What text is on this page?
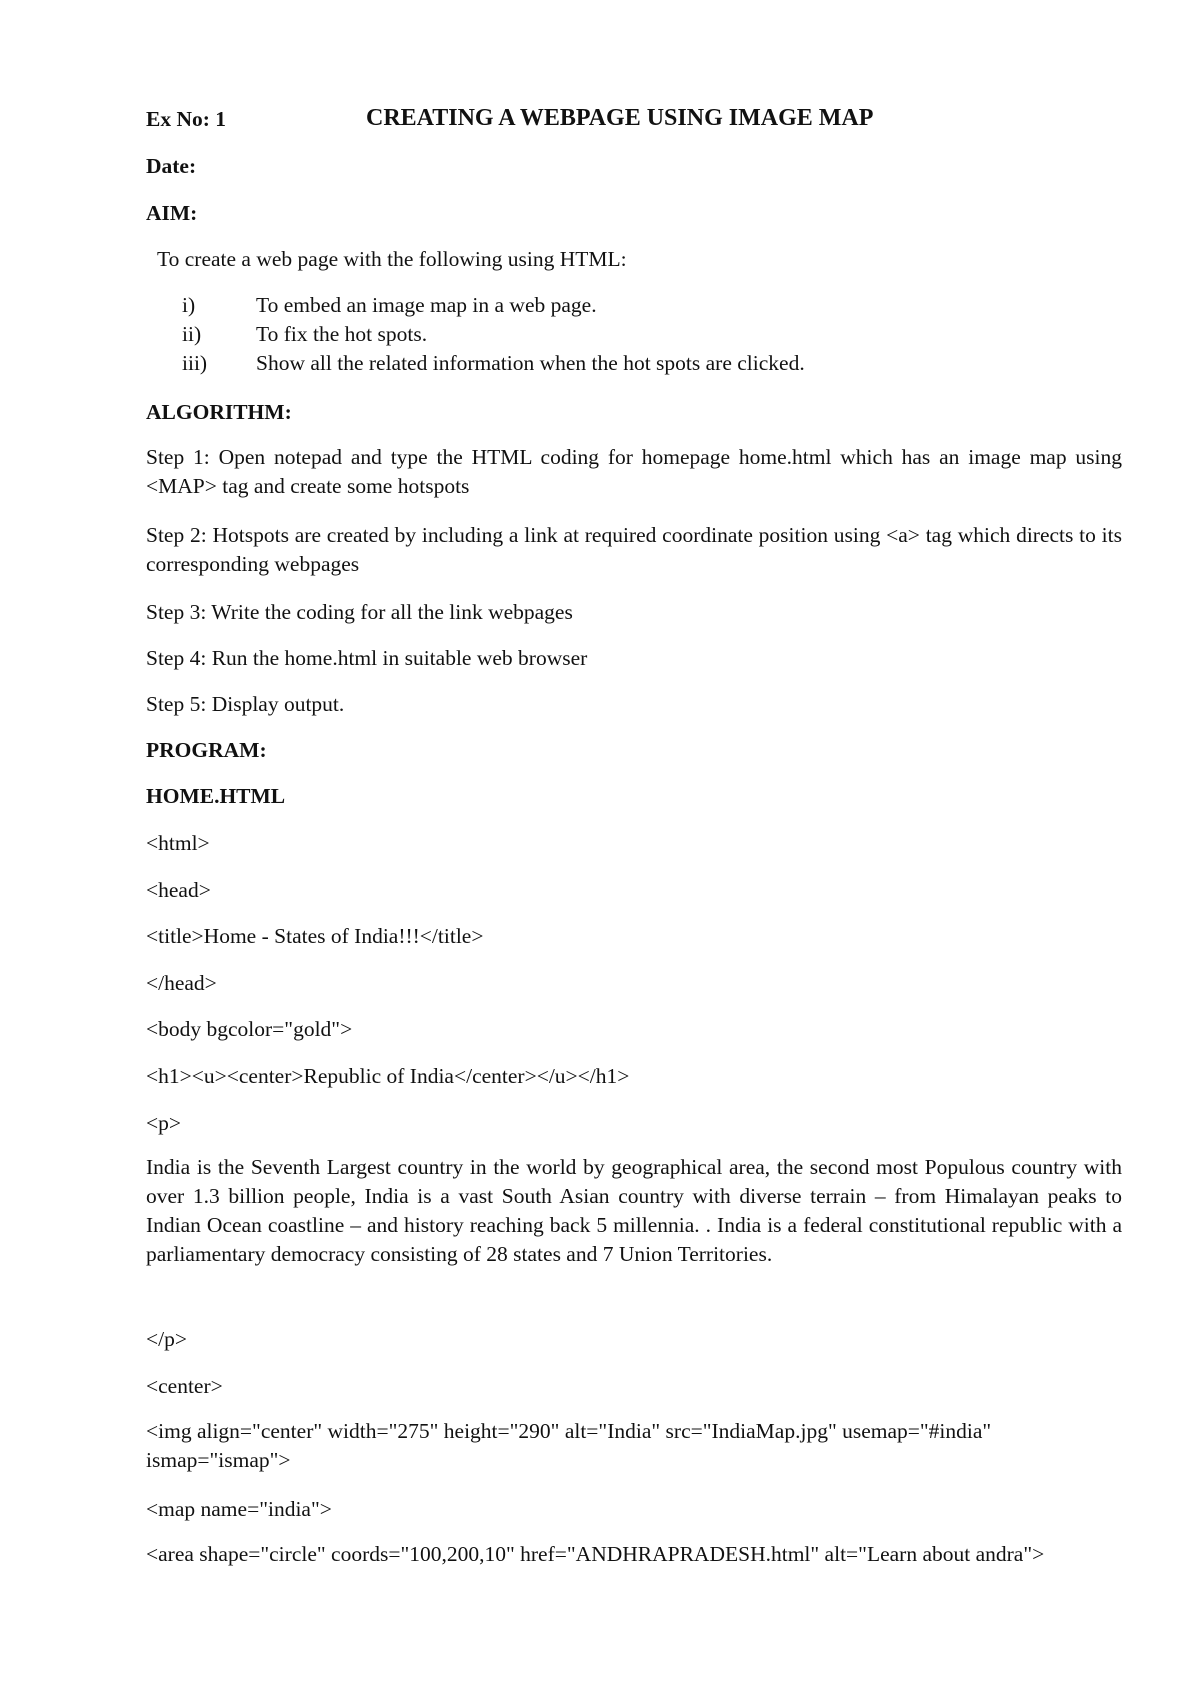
Ex No: 1	CREATING A WEBPAGE USING IMAGE MAP
Date:
AIM:
To create a web page with the following using HTML:
i)	To embed an image map in a web page.
ii)	To fix the hot spots.
iii) Show all the related information when the hot spots are clicked.
ALGORITHM:

Step 1: Open notepad and type the HTML coding for homepage home.html which has an image map using <MAP> tag and create some hotspots

Step 2: Hotspots are created by including a link at required coordinate position using <a> tag which directs to its corresponding webpages

Step 3: Write the coding for all the link webpages
Step 4: Run the home.html in suitable web browser
Step 5: Display output.
PROGRAM:
HOME.HTML
<html>
<head>
<title>Home - States of India!!!</title>
</head>
<body bgcolor="gold">
<h1><u><center>Republic of India</center></u></h1>
<p>

India is the Seventh Largest country in the world by geographical area, the second most Populous country with over 1.3 billion people, India is a vast South Asian country with diverse terrain – from Himalayan peaks to Indian Ocean coastline – and history reaching back 5 millennia. . India is a federal constitutional republic with a parliamentary democracy consisting of 28 states and 7 Union Territories.

</p>
<center>

<img align="center" width="275" height="290" alt="India" src="IndiaMap.jpg" usemap="#india" ismap="ismap">

<map name="india">

<area shape="circle" coords="100,200,10" href="ANDHRAPRADESH.html" alt="Learn about andra">
